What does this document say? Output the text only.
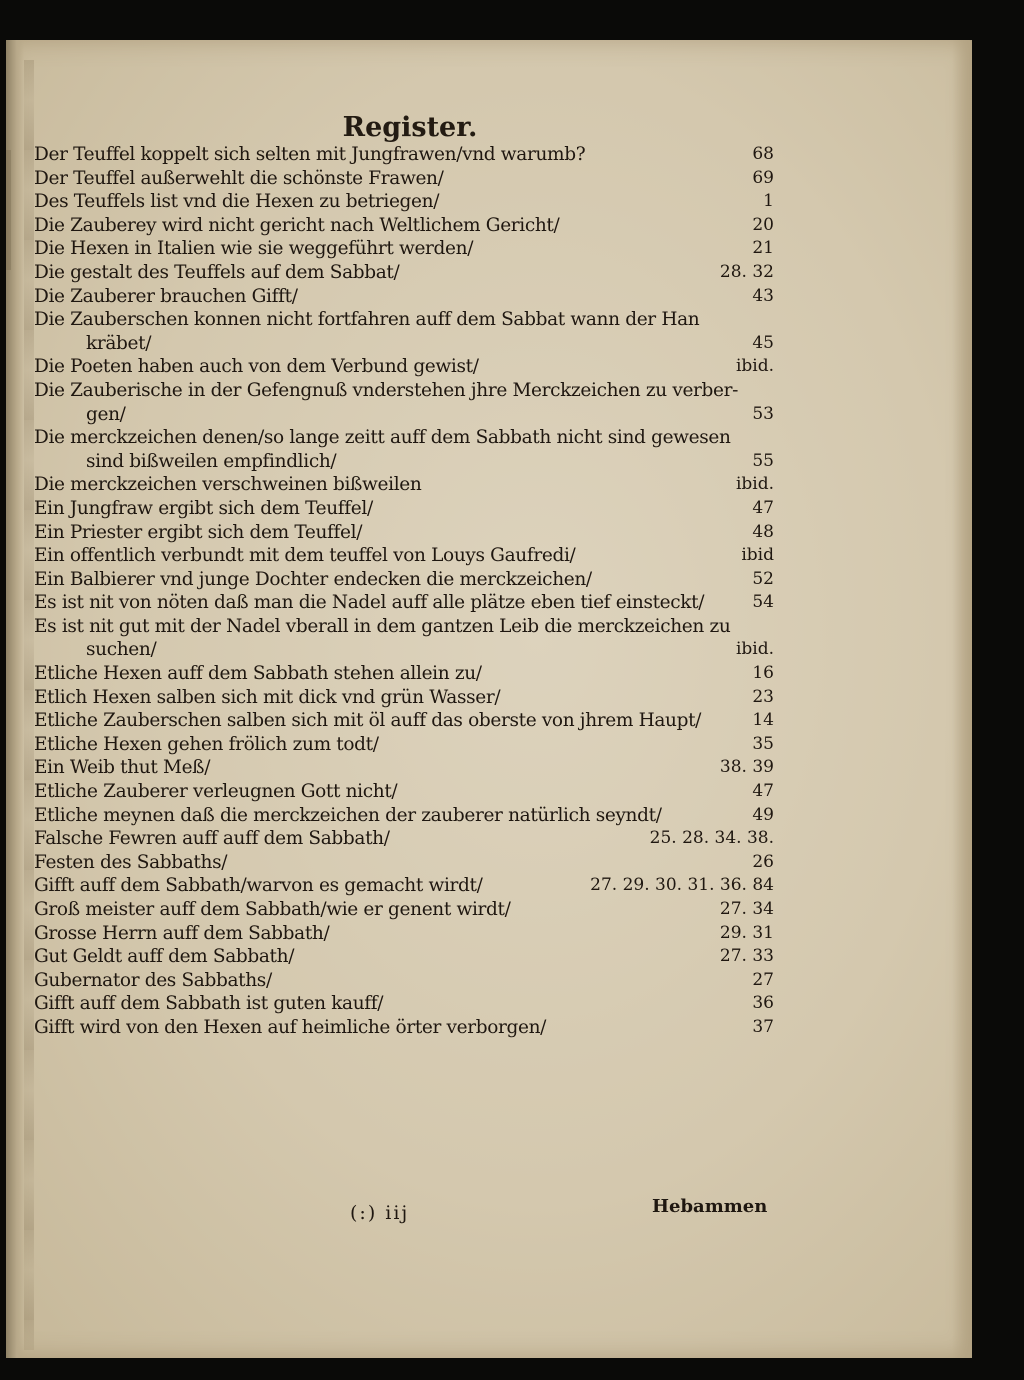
Register.
Der Teuffel koppelt sich selten mit Jungfrawen/vnd warumb?	68
Der Teuffel außerwehlt die schönste Frawen/	69
Des Teuffels list vnd die Hexen zu betriegen/	1
Die Zauberey wird nicht gericht nach Weltlichem Gericht/	20
Die Hexen in Italien wie sie weggeführt werden/	21
Die gestalt des Teuffels auf dem Sabbat/	28. 32
Die Zauberer brauchen Gifft/	43
Die Zauberschen konnen nicht fortfahren auff dem Sabbat wann der Han
kräbet/	45
Die Poeten haben auch von dem Verbund gewist/	ibid.
Die Zauberische in der Gefengnuß vnderstehen jhre Merckzeichen zu verber-
gen/	53
Die merckzeichen denen/so lange zeitt auff dem Sabbath nicht sind gewesen
sind bißweilen empfindlich/	55
Die merckzeichen verschweinen bißweilen	ibid.
Ein Jungfraw ergibt sich dem Teuffel/	47
Ein Priester ergibt sich dem Teuffel/	48
Ein offentlich verbundt mit dem teuffel von Louys Gaufredi/	ibid
Ein Balbierer vnd junge Dochter endecken die merckzeichen/	52
Es ist nit von nöten daß man die Nadel auff alle plätze eben tief einsteckt/	54
Es ist nit gut mit der Nadel vberall in dem gantzen Leib die merckzeichen zu
suchen/	ibid.
Etliche Hexen auff dem Sabbath stehen allein zu/	16
Etlich Hexen salben sich mit dick vnd grün Wasser/	23
Etliche Zauberschen salben sich mit öl auff das oberste von jhrem Haupt/	14
Etliche Hexen gehen frölich zum todt/	35
Ein Weib thut Meß/	38. 39
Etliche Zauberer verleugnen Gott nicht/	47
Etliche meynen daß die merckzeichen der zauberer natürlich seyndt/	49
Falsche Fewren auff auff dem Sabbath/	25. 28. 34. 38.
Festen des Sabbaths/	26
Gifft auff dem Sabbath/warvon es gemacht wirdt/	27. 29. 30. 31. 36. 84
Groß meister auff dem Sabbath/wie er genent wirdt/	27. 34
Grosse Herrn auff dem Sabbath/	29. 31
Gut Geldt auff dem Sabbath/	27. 33
Gubernator des Sabbaths/	27
Gifft auff dem Sabbath ist guten kauff/	36
Gifft wird von den Hexen auf heimliche örter verborgen/	37
(:) iij	Hebammen
